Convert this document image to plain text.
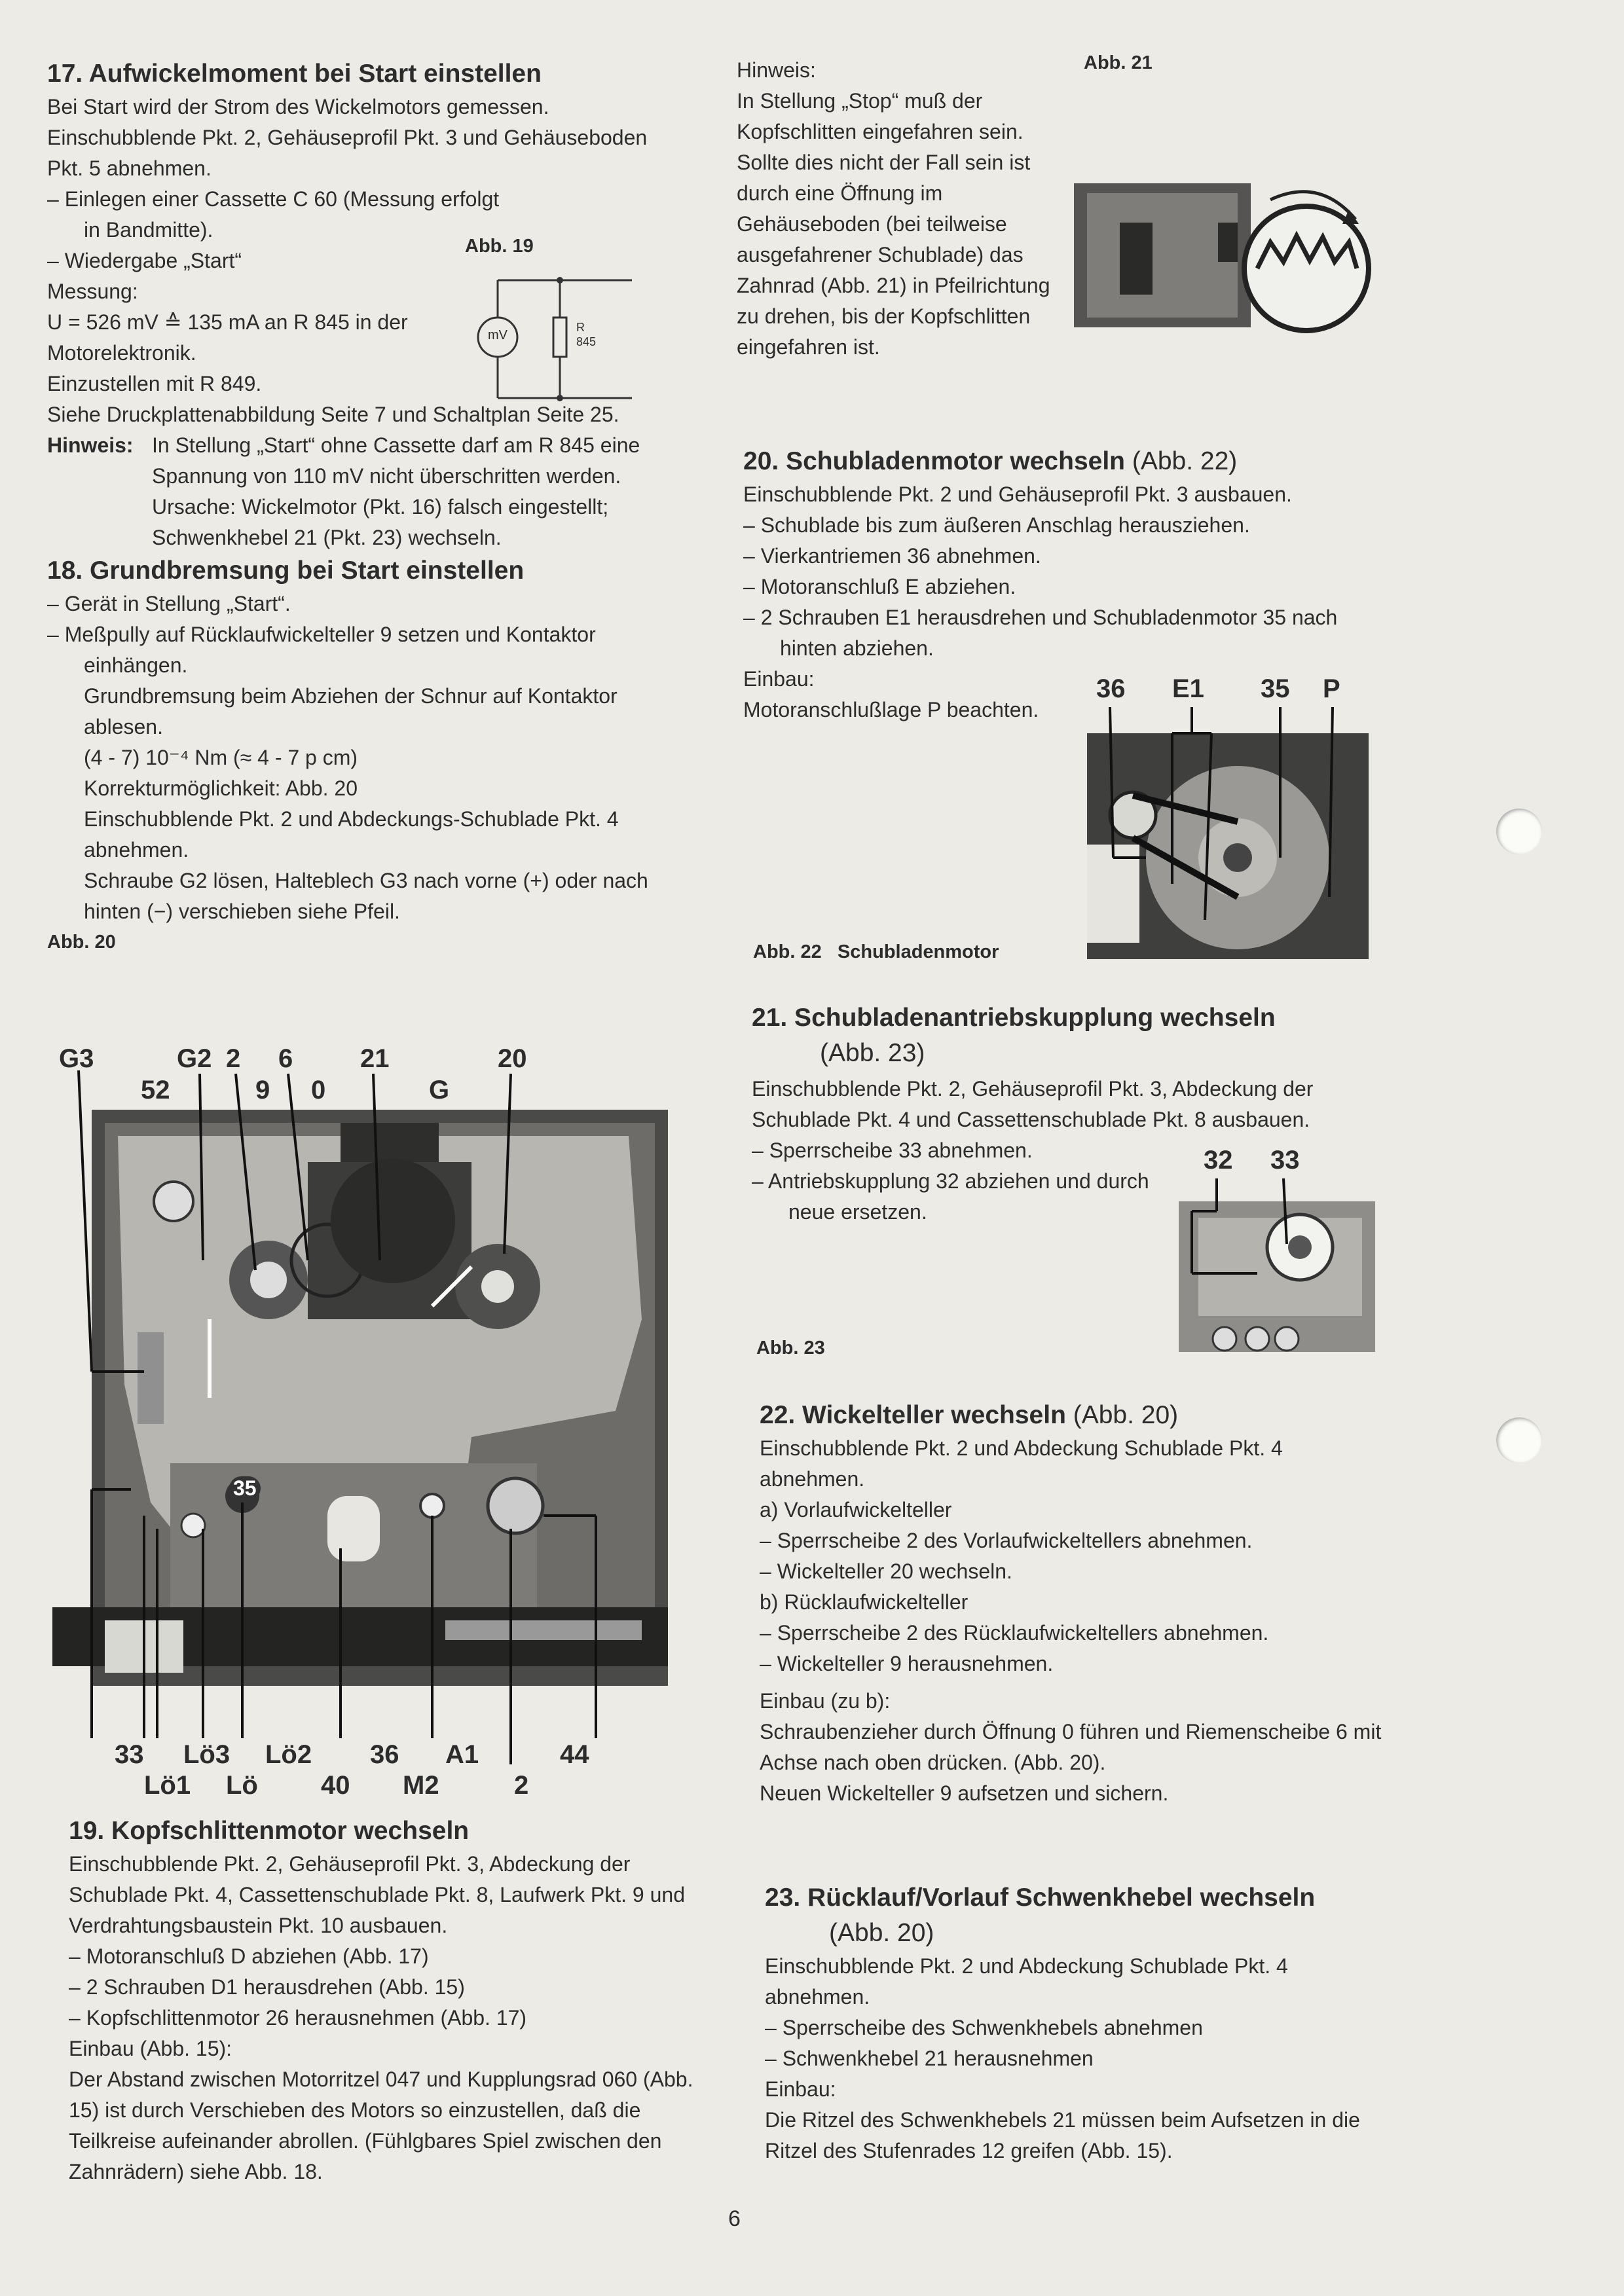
17. Aufwickelmoment bei Start einstellen

Bei Start wird der Strom des Wickelmotors gemessen. Einschubblende Pkt. 2, Gehäuseprofil Pkt. 3 und Gehäuseboden Pkt. 5 abnehmen.

– Einlegen einer Cassette C 60 (Messung erfolgt in Bandmitte).

– Wiedergabe „Start“

Messung:

U = 526 mV ≙ 135 mA an R 845 in der Motorelektronik.

Einzustellen mit R 849.

Siehe Druckplattenabbildung Seite 7 und Schaltplan Seite 25.

Hinweis: In Stellung „Start“ ohne Cassette darf am R 845 eine Spannung von 110 mV nicht überschritten werden.

Ursache: Wickelmotor (Pkt. 16) falsch eingestellt; Schwenkhebel 21 (Pkt. 23) wechseln.

18. Grundbremsung bei Start einstellen

– Gerät in Stellung „Start“.

– Meßpully auf Rücklaufwickelteller 9 setzen und Kontaktor einhängen.

Grundbremsung beim Abziehen der Schnur auf Kontaktor ablesen.

(4 - 7) 10⁻⁴ Nm (≈ 4 - 7 p cm)

Korrekturmöglichkeit: Abb. 20

Einschubblende Pkt. 2 und Abdeckungs-Schublade Pkt. 4 abnehmen.

Schraube G2 lösen, Halteblech G3 nach vorne (+) oder nach hinten (−) verschieben siehe Pfeil.

Abb. 20
Abb. 19
mV
R
845
G3	G2 2 6	21	20
52	9 0	G
35
33 Lö3 Lö2 36 A1	44
Lö1 Lö 40 M2	2
19. Kopfschlittenmotor wechseln

Einschubblende Pkt. 2, Gehäuseprofil Pkt. 3, Abdeckung der Schublade Pkt. 4, Cassettenschublade Pkt. 8, Laufwerk Pkt. 9 und Verdrahtungsbaustein Pkt. 10 ausbauen.

– Motoranschluß D abziehen (Abb. 17)

– 2 Schrauben D1 herausdrehen (Abb. 15)

– Kopfschlittenmotor 26 herausnehmen (Abb. 17)

Einbau (Abb. 15):

Der Abstand zwischen Motorritzel 047 und Kupplungsrad 060 (Abb. 15) ist durch Verschieben des Motors so einzustellen, daß die Teilkreise aufeinander abrollen. (Fühlgbares Spiel zwischen den Zahnrädern) siehe Abb. 18.

Hinweis:

In Stellung „Stop“ muß der Kopfschlitten eingefahren sein.

Sollte dies nicht der Fall sein ist durch eine Öffnung im Gehäuseboden (bei teilweise ausgefahrener Schublade) das Zahnrad (Abb. 21) in Pfeilrichtung zu drehen, bis der Kopfschlitten eingefahren ist.

Abb. 21
20. Schubladenmotor wechseln (Abb. 22)

Einschubblende Pkt. 2 und Gehäuseprofil Pkt. 3 ausbauen.

– Schublade bis zum äußeren Anschlag herausziehen.

– Vierkantriemen 36 abnehmen.

– Motoranschluß E abziehen.

– 2 Schrauben E1 herausdrehen und Schubladenmotor 35 nach hinten abziehen.

Einbau:

Motoranschlußlage P beachten.

36 E1 35 P
Abb. 22   Schubladenmotor
21. Schubladenantriebskupplung wechseln
(Abb. 23)

Einschubblende Pkt. 2, Gehäuseprofil Pkt. 3, Abdeckung der Schublade Pkt. 4 und Cassettenschublade Pkt. 8 ausbauen.

– Sperrscheibe 33 abnehmen.

– Antriebskupplung 32 abziehen und durch neue ersetzen.

32 33
Abb. 23
22. Wickelteller wechseln (Abb. 20)

Einschubblende Pkt. 2 und Abdeckung Schublade Pkt. 4 abnehmen.

a) Vorlaufwickelteller

– Sperrscheibe 2 des Vorlaufwickeltellers abnehmen.

– Wickelteller 20 wechseln.

b) Rücklaufwickelteller

– Sperrscheibe 2 des Rücklaufwickeltellers abnehmen.

– Wickelteller 9 herausnehmen.

Einbau (zu b):

Schraubenzieher durch Öffnung 0 führen und Riemenscheibe 6 mit Achse nach oben drücken. (Abb. 20).

Neuen Wickelteller 9 aufsetzen und sichern.

23. Rücklauf/Vorlauf Schwenkhebel wechseln
(Abb. 20)

Einschubblende Pkt. 2 und Abdeckung Schublade Pkt. 4 abnehmen.

– Sperrscheibe des Schwenkhebels abnehmen

– Schwenkhebel 21 herausnehmen

Einbau:

Die Ritzel des Schwenkhebels 21 müssen beim Aufsetzen in die Ritzel des Stufenrades 12 greifen (Abb. 15).

6
